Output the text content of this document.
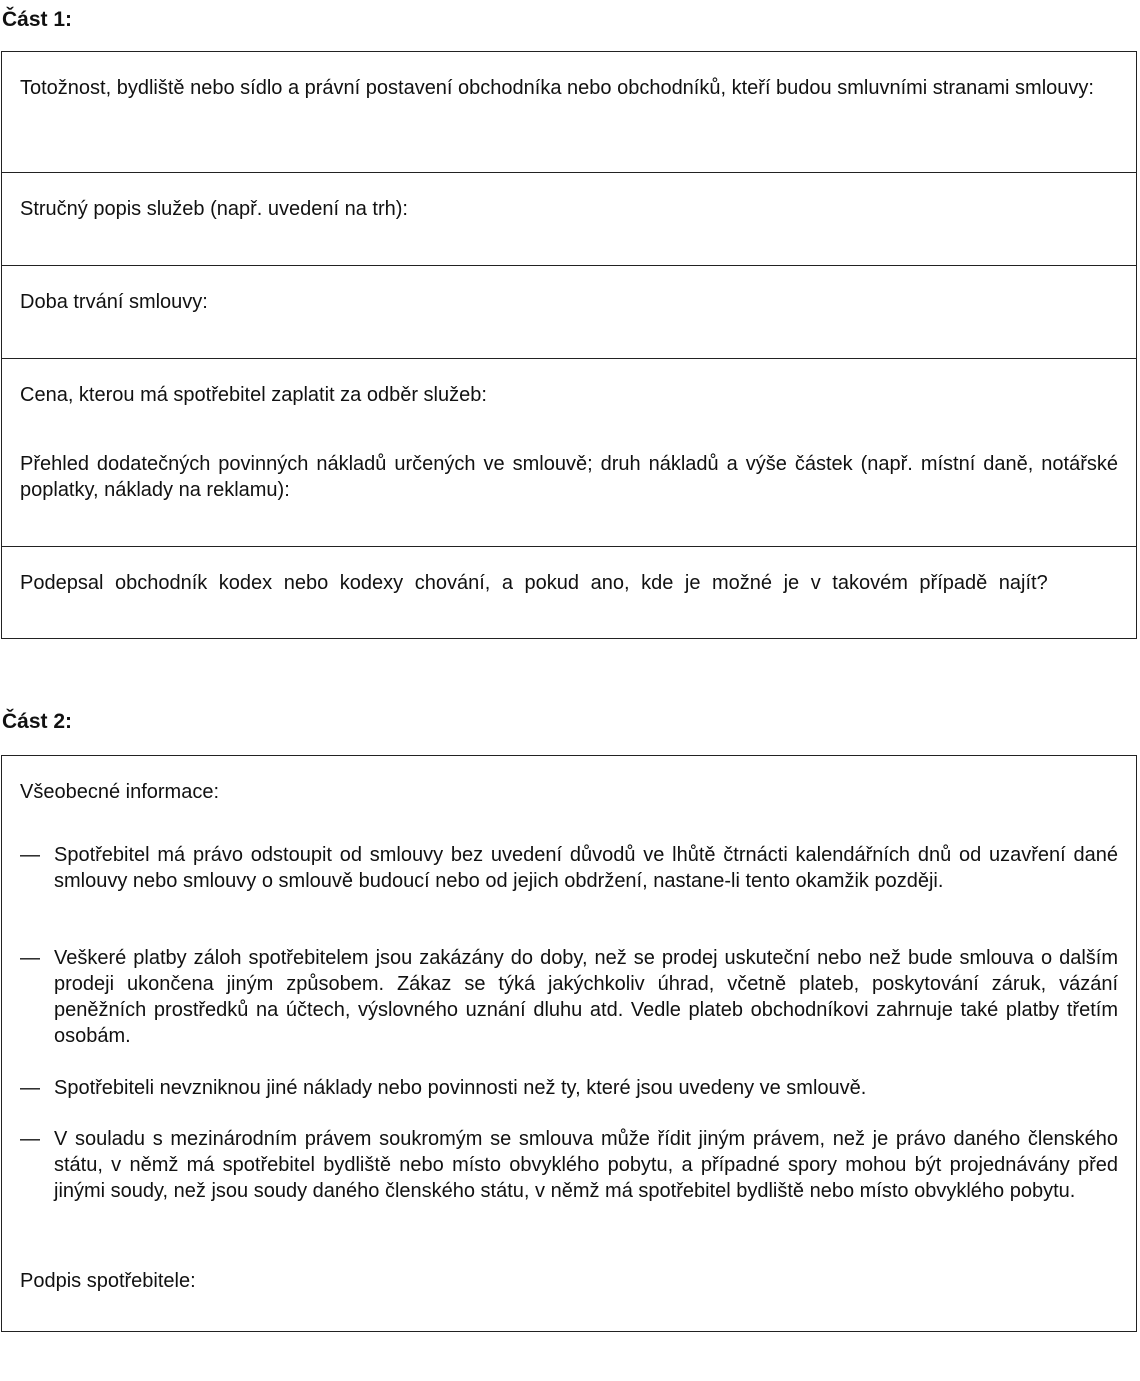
Část 1:
Totožnost, bydliště nebo sídlo a právní postavení obchodníka nebo obchodníků, kteří budou smluvními stranami smlouvy:
Stručný popis služeb (např. uvedení na trh):
Doba trvání smlouvy:
Cena, kterou má spotřebitel zaplatit za odběr služeb:
Přehled dodatečných povinných nákladů určených ve smlouvě; druh nákladů a výše částek (např. místní daně, notářské poplatky, náklady na reklamu):
Podepsal obchodník kodex nebo kodexy chování, a pokud ano, kde je možné je v takovém případě najít?
Část 2:
Všeobecné informace:
— Spotřebitel má právo odstoupit od smlouvy bez uvedení důvodů ve lhůtě čtrnácti kalendářních dnů od uzavření dané smlouvy nebo smlouvy o smlouvě budoucí nebo od jejich obdržení, nastane-li tento okamžik později.
— Veškeré platby záloh spotřebitelem jsou zakázány do doby, než se prodej uskuteční nebo než bude smlouva o dalším prodeji ukončena jiným způsobem. Zákaz se týká jakýchkoliv úhrad, včetně plateb, poskytování záruk, vázání peněžních prostředků na účtech, výslovného uznání dluhu atd. Vedle plateb obchodníkovi zahrnuje také platby třetím osobám.
— Spotřebiteli nevzniknou jiné náklady nebo povinnosti než ty, které jsou uvedeny ve smlouvě.
— V souladu s mezinárodním právem soukromým se smlouva může řídit jiným právem, než je právo daného členského státu, v němž má spotřebitel bydliště nebo místo obvyklého pobytu, a případné spory mohou být projednávány před jinými soudy, než jsou soudy daného členského státu, v němž má spotřebitel bydliště nebo místo obvyklého pobytu.
Podpis spotřebitele:
